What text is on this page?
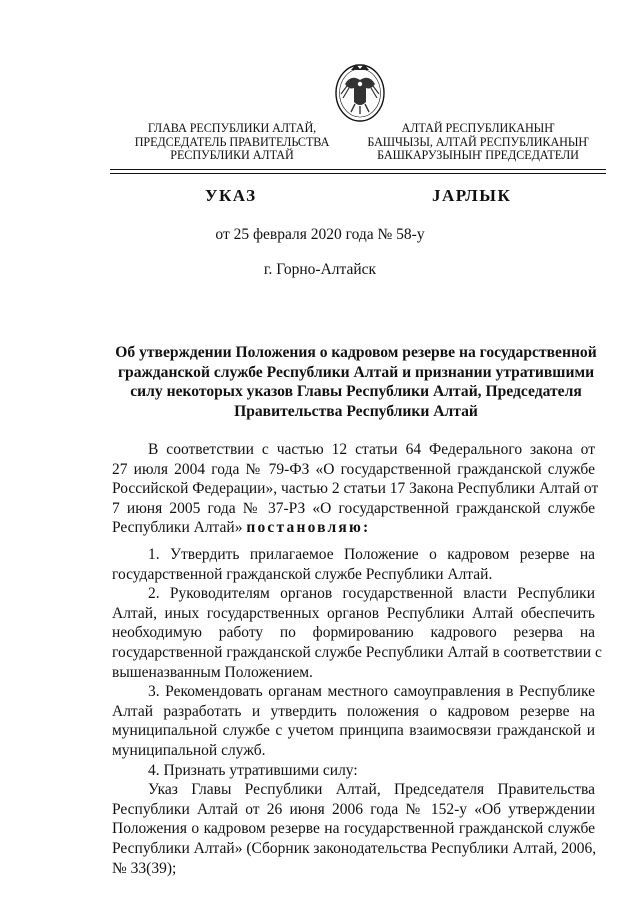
ГЛАВА РЕСПУБЛИКИ АЛТАЙ,
ПРЕДСЕДАТЕЛЬ ПРАВИТЕЛЬСТВА
РЕСПУБЛИКИ АЛТАЙ
АЛТАЙ РЕСПУБЛИКАНЫҤ
БАШЧЫЗЫ, АЛТАЙ РЕСПУБЛИКАНЫҤ
БАШКАРУЗЫНЫҤ ПРЕДСЕДАТЕЛИ
УКАЗ	JАРЛЫК
от 25 февраля 2020 года № 58-у
г. Горно-Алтайск
Об утверждении Положения о кадровом резерве на государственной
гражданской службе Республики Алтай и признании утратившими
силу некоторых указов Главы Республики Алтай, Председателя
Правительства Республики Алтай
В соответствии с частью 12 статьи 64 Федерального закона от
27 июля 2004 года № 79-ФЗ «О государственной гражданской службе
Российской Федерации», частью 2 статьи 17 Закона Республики Алтай от
7 июня 2005 года № 37-РЗ «О государственной гражданской службе
Республики Алтай» постановляю:
1. Утвердить прилагаемое Положение о кадровом резерве на
государственной гражданской службе Республики Алтай.
2. Руководителям органов государственной власти Республики
Алтай, иных государственных органов Республики Алтай обеспечить
необходимую работу по формированию кадрового резерва на
государственной гражданской службе Республики Алтай в соответствии с
вышеназванным Положением.
3. Рекомендовать органам местного самоуправления в Республике
Алтай разработать и утвердить положения о кадровом резерве на
муниципальной службе с учетом принципа взаимосвязи гражданской и
муниципальной служб.
4. Признать утратившими силу:
Указ Главы Республики Алтай, Председателя Правительства
Республики Алтай от 26 июня 2006 года № 152-у «Об утверждении
Положения о кадровом резерве на государственной гражданской службе
Республики Алтай» (Сборник законодательства Республики Алтай, 2006,
№ 33(39);
